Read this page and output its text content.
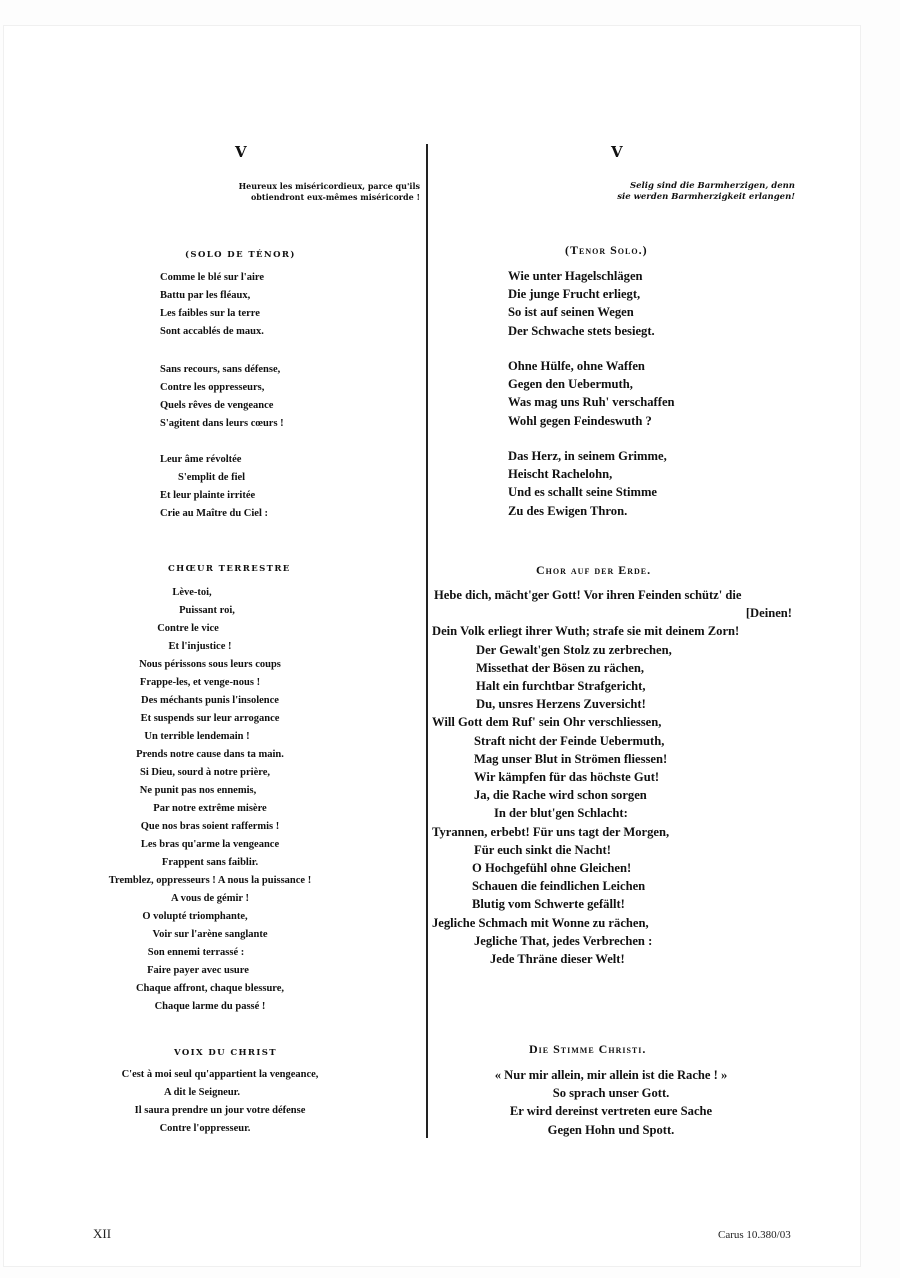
V
Heureux les miséricordieux, parce qu'ils
obtiendront eux-mêmes miséricorde !
(SOLO DE TÉNOR)
Comme le blé sur l'aire
Battu par les fléaux,
Les faibles sur la terre
Sont accablés de maux.
Sans recours, sans défense,
Contre les oppresseurs,
Quels rêves de vengeance
S'agitent dans leurs cœurs !
Leur âme révoltée
S'emplit de fiel
Et leur plainte irritée
Crie au Maître du Ciel :
CHŒUR TERRESTRE
Lève-toi,
Puissant roi,
Contre le vice
Et l'injustice !
Nous périssons sous leurs coups
Frappe-les, et venge-nous !
Des méchants punis l'insolence
Et suspends sur leur arrogance
Un terrible lendemain !
Prends notre cause dans ta main.
Si Dieu, sourd à notre prière,
Ne punit pas nos ennemis,
Par notre extrême misère
Que nos bras soient raffermis !
Les bras qu'arme la vengeance
Frappent sans faiblir.
Tremblez, oppresseurs ! A nous la puissance !
A vous de gémir !
O volupté triomphante,
Voir sur l'arène sanglante
Son ennemi terrassé :
Faire payer avec usure
Chaque affront, chaque blessure,
Chaque larme du passé !
VOIX DU CHRIST
C'est à moi seul qu'appartient la vengeance,
A dit le Seigneur.
Il saura prendre un jour votre défense
Contre l'oppresseur.
V
Selig sind die Barmherzigen, denn
sie werden Barmherzigkeit erlangen!
(Tenor Solo.)
Wie unter Hagelschlägen
Die junge Frucht erliegt,
So ist auf seinen Wegen
Der Schwache stets besiegt.
Ohne Hülfe, ohne Waffen
Gegen den Uebermuth,
Was mag uns Ruh' verschaffen
Wohl gegen Feindeswuth ?
Das Herz, in seinem Grimme,
Heischt Rachelohn,
Und es schallt seine Stimme
Zu des Ewigen Thron.
Chor auf der Erde.
Hebe dich, mächt'ger Gott! Vor ihren Feinden schütz' die
[Deinen!
Dein Volk erliegt ihrer Wuth; strafe sie mit deinem Zorn!
Der Gewalt'gen Stolz zu zerbrechen,
Missethat der Bösen zu rächen,
Halt ein furchtbar Strafgericht,
Du, unsres Herzens Zuversicht!
Will Gott dem Ruf' sein Ohr verschliessen,
Straft nicht der Feinde Uebermuth,
Mag unser Blut in Strömen fliessen!
Wir kämpfen für das höchste Gut!
Ja, die Rache wird schon sorgen
In der blut'gen Schlacht:
Tyrannen, erbebt! Für uns tagt der Morgen,
Für euch sinkt die Nacht!
O Hochgefühl ohne Gleichen!
Schauen die feindlichen Leichen
Blutig vom Schwerte gefällt!
Jegliche Schmach mit Wonne zu rächen,
Jegliche That, jedes Verbrechen :
Jede Thräne dieser Welt!
Die Stimme Christi.
« Nur mir allein, mir allein ist die Rache ! »
So sprach unser Gott.
Er wird dereinst vertreten eure Sache
Gegen Hohn und Spott.
XII	Carus 10.380/03
